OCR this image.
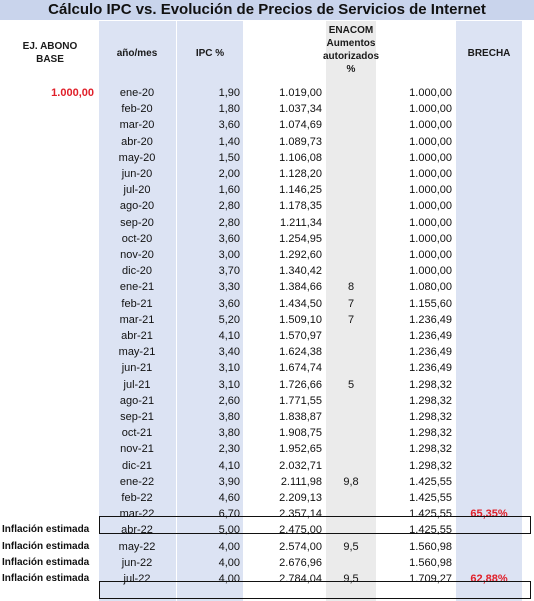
Cálculo IPC vs. Evolución de Precios de Servicios de Internet
EJ. ABONO BASE
año/mes	IPC %
ENACOM Aumentos autorizados %
BRECHA
1.000,00	ene-20	1,90	1.019,00	1.000,00
feb-20	1,80	1.037,34	1.000,00
mar-20	3,60	1.074,69	1.000,00
abr-20	1,40	1.089,73	1.000,00
may-20	1,50	1.106,08	1.000,00
jun-20	2,00	1.128,20	1.000,00
jul-20	1,60	1.146,25	1.000,00
ago-20	2,80	1.178,35	1.000,00
sep-20	2,80	1.211,34	1.000,00
oct-20	3,60	1.254,95	1.000,00
nov-20	3,00	1.292,60	1.000,00
dic-20	3,70	1.340,42	1.000,00
ene-21	3,30	1.384,66	8	1.080,00
feb-21	3,60	1.434,50	7	1.155,60
mar-21	5,20	1.509,10	7	1.236,49
abr-21	4,10	1.570,97	1.236,49
may-21	3,40	1.624,38	1.236,49
jun-21	3,10	1.674,74	1.236,49
jul-21	3,10	1.726,66	5	1.298,32
ago-21	2,60	1.771,55	1.298,32
sep-21	3,80	1.838,87	1.298,32
oct-21	3,80	1.908,75	1.298,32
nov-21	2,30	1.952,65	1.298,32
dic-21	4,10	2.032,71	1.298,32
ene-22	3,90	2.111,98	9,8	1.425,55
feb-22	4,60	2.209,13	1.425,55
mar-22	6,70	2.357,14	1.425,55	65,35%
Inflación estimada	abr-22	5,00	2.475,00	1.425,55
Inflación estimada	may-22	4,00	2.574,00	9,5	1.560,98
Inflación estimada	jun-22	4,00	2.676,96	1.560,98
Inflación estimada	jul-22	4,00	2.784,04	9,5	1.709,27	62,88%
